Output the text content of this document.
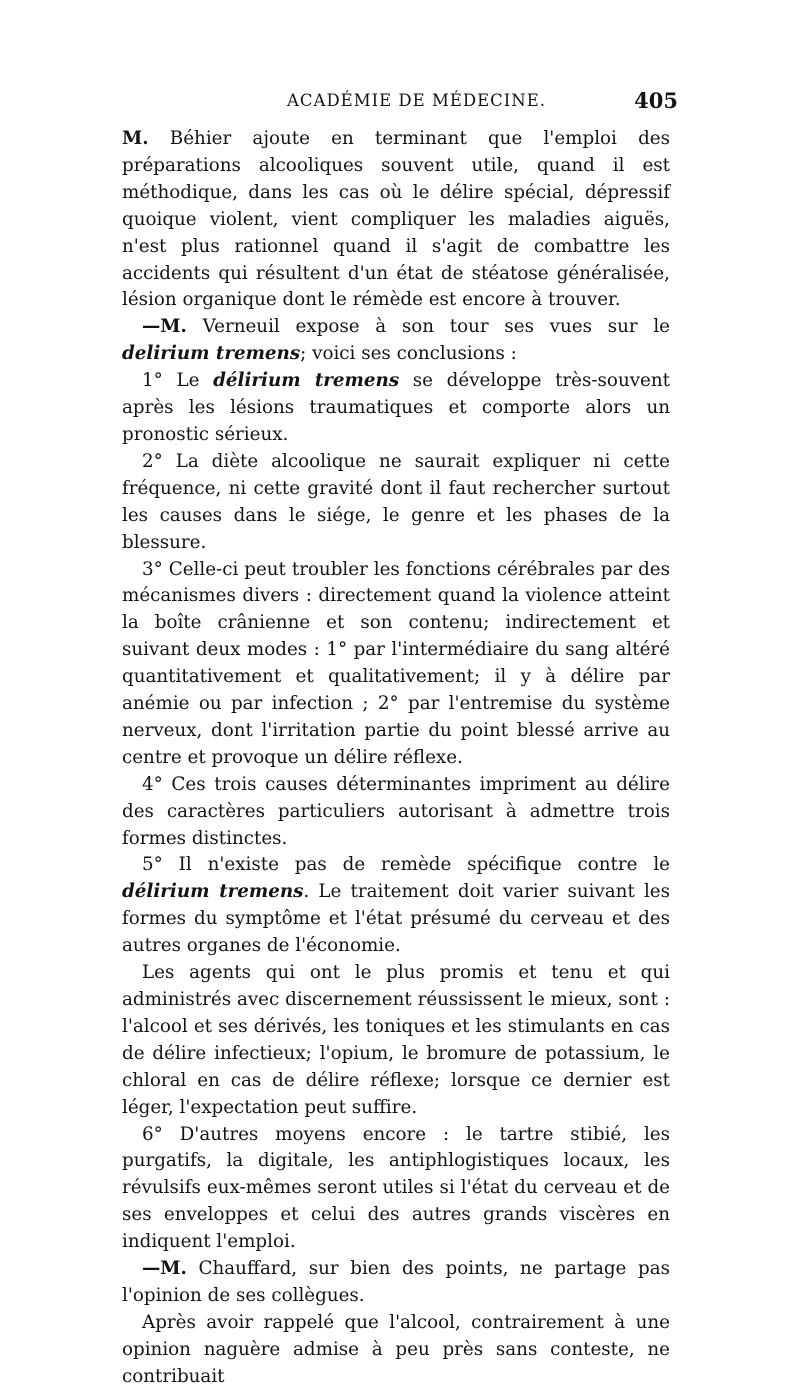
ACADÉMIE DE MÉDECINE.	405

M. Béhier ajoute en terminant que l'emploi des préparations alcooliques souvent utile, quand il est méthodique, dans les cas où le délire spécial, dépressif quoique violent, vient compliquer les maladies aiguës, n'est plus rationnel quand il s'agit de combattre les accidents qui résultent d'un état de stéatose généralisée, lésion organique dont le rémède est encore à trouver.

—M. Verneuil expose à son tour ses vues sur le delirium tremens; voici ses conclusions :

1° Le délirium tremens se développe très-souvent après les lésions traumatiques et comporte alors un pronostic sérieux.

2° La diète alcoolique ne saurait expliquer ni cette fréquence, ni cette gravité dont il faut rechercher surtout les causes dans le siége, le genre et les phases de la blessure.

3° Celle-ci peut troubler les fonctions cérébrales par des mécanismes divers : directement quand la violence atteint la boîte crânienne et son contenu; indirectement et suivant deux modes : 1° par l'intermédiaire du sang altéré quantitativement et qualitativement; il y à délire par anémie ou par infection ; 2° par l'entremise du système nerveux, dont l'irritation partie du point blessé arrive au centre et provoque un délire réflexe.

4° Ces trois causes déterminantes impriment au délire des caractères particuliers autorisant à admettre trois formes distinctes.

5° Il n'existe pas de remède spécifique contre le délirium tremens. Le traitement doit varier suivant les formes du symptôme et l'état présumé du cerveau et des autres organes de l'économie.

Les agents qui ont le plus promis et tenu et qui administrés avec discernement réussissent le mieux, sont : l'alcool et ses dérivés, les toniques et les stimulants en cas de délire infectieux; l'opium, le bromure de potassium, le chloral en cas de délire réflexe; lorsque ce dernier est léger, l'expectation peut suffire.

6° D'autres moyens encore : le tartre stibié, les purgatifs, la digitale, les antiphlogistiques locaux, les révulsifs eux-mêmes seront utiles si l'état du cerveau et de ses enveloppes et celui des autres grands viscères en indiquent l'emploi.

—M. Chauffard, sur bien des points, ne partage pas l'opinion de ses collègues.

Après avoir rappelé que l'alcool, contrairement à une opinion naguère admise à peu près sans conteste, ne contribuait
